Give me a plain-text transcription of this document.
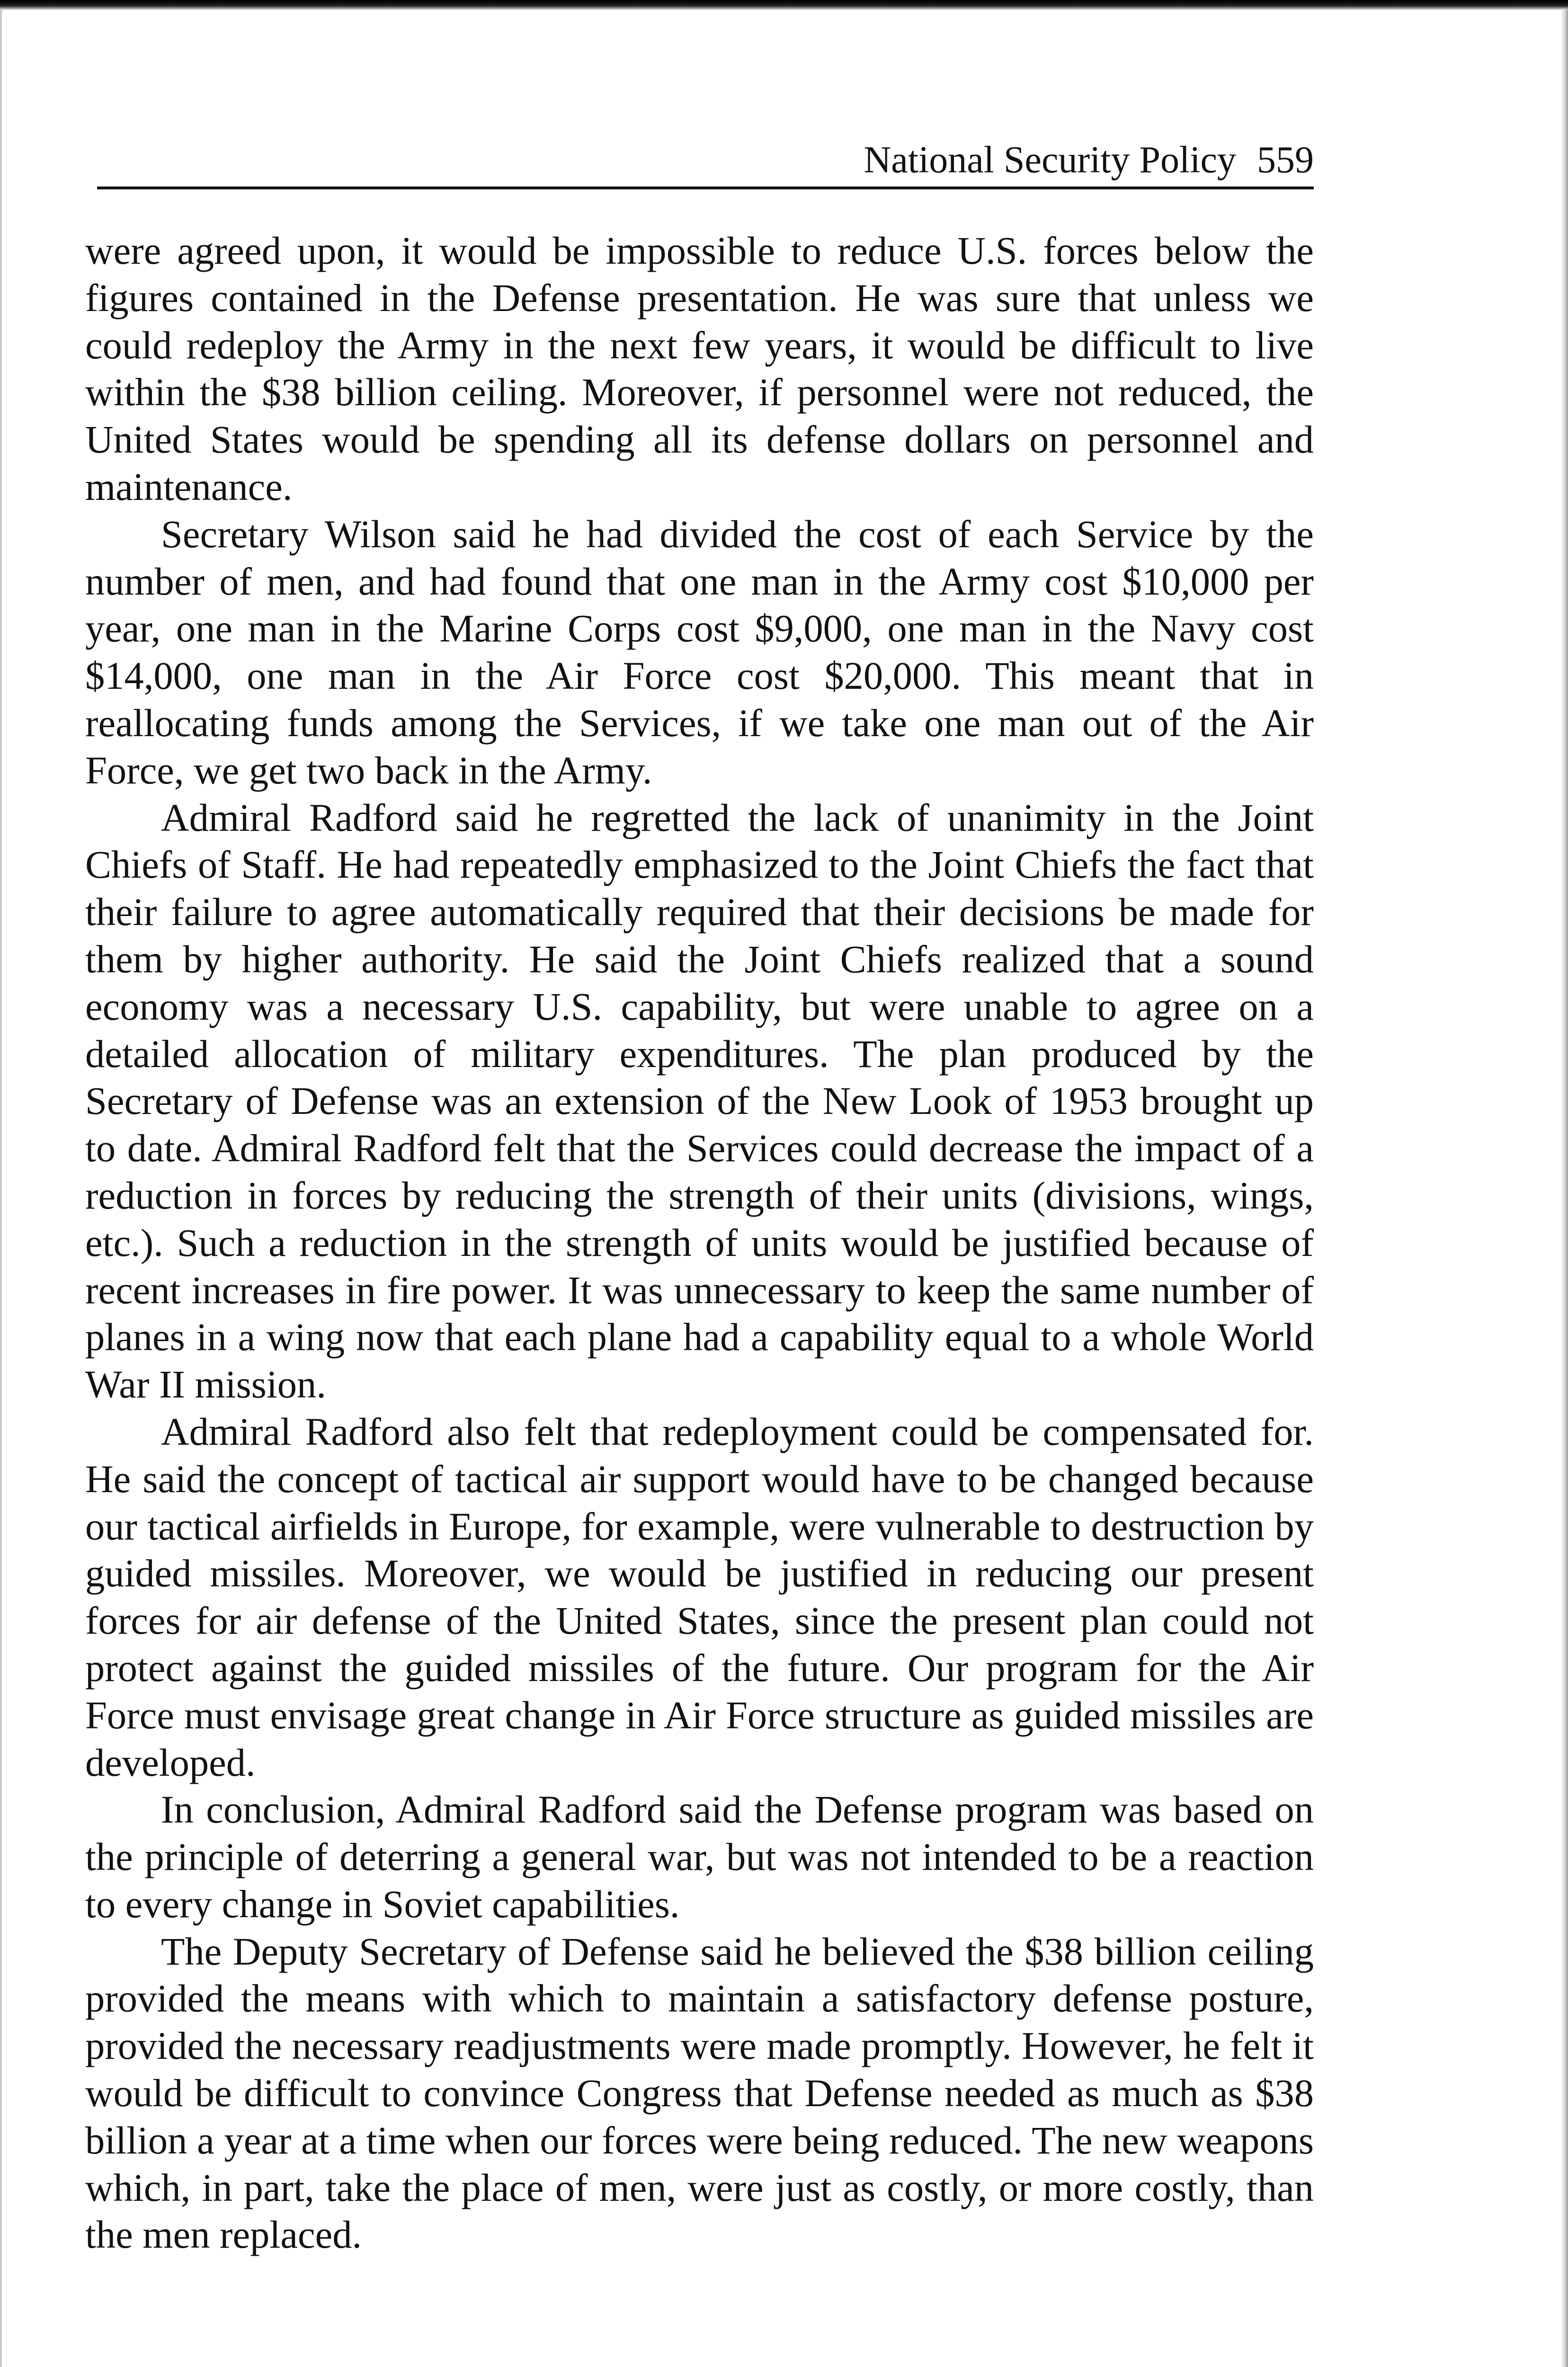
National Security Policy 559

were agreed upon, it would be impossible to reduce U.S. forces below the figures contained in the Defense presentation. He was sure that unless we could redeploy the Army in the next few years, it would be difficult to live within the $38 billion ceiling. Moreover, if personnel were not reduced, the United States would be spending all its defense dollars on personnel and maintenance.

Secretary Wilson said he had divided the cost of each Service by the number of men, and had found that one man in the Army cost $10,000 per year, one man in the Marine Corps cost $9,000, one man in the Navy cost $14,000, one man in the Air Force cost $20,000. This meant that in reallocating funds among the Services, if we take one man out of the Air Force, we get two back in the Army.

Admiral Radford said he regretted the lack of unanimity in the Joint Chiefs of Staff. He had repeatedly emphasized to the Joint Chiefs the fact that their failure to agree automatically required that their decisions be made for them by higher authority. He said the Joint Chiefs realized that a sound economy was a necessary U.S. capability, but were unable to agree on a detailed allocation of military expenditures. The plan produced by the Secretary of Defense was an extension of the New Look of 1953 brought up to date. Admiral Radford felt that the Services could decrease the impact of a reduction in forces by reducing the strength of their units (divisions, wings, etc.). Such a reduction in the strength of units would be justified because of recent increases in fire power. It was unnecessary to keep the same number of planes in a wing now that each plane had a capability equal to a whole World War II mission.

Admiral Radford also felt that redeployment could be compensated for. He said the concept of tactical air support would have to be changed because our tactical airfields in Europe, for example, were vulnerable to destruction by guided missiles. Moreover, we would be justified in reducing our present forces for air defense of the United States, since the present plan could not protect against the guided missiles of the future. Our program for the Air Force must envisage great change in Air Force structure as guided missiles are developed.

In conclusion, Admiral Radford said the Defense program was based on the principle of deterring a general war, but was not intended to be a reaction to every change in Soviet capabilities.

The Deputy Secretary of Defense said he believed the $38 billion ceiling provided the means with which to maintain a satisfactory defense posture, provided the necessary readjustments were made promptly. However, he felt it would be difficult to convince Congress that Defense needed as much as $38 billion a year at a time when our forces were being reduced. The new weapons which, in part, take the place of men, were just as costly, or more costly, than the men replaced.
